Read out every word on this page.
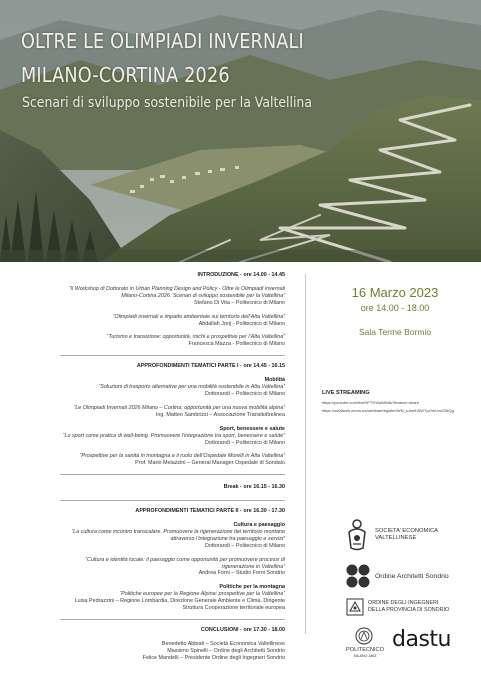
OLTRE LE OLIMPIADI INVERNALI
MILANO-CORTINA 2026
Scenari di sviluppo sostenibile per la Valtellina
INTRODUZIONE - ore 14.00 - 14.45
“Il Workshop di Dottorato in Urban Planning Design and Policy - Oltre le Olimpiadi invernali Milano-Cortina 2026. Scenari di sviluppo sostenibile per la Valtellina”
Stefano Di Vita – Politecnico di Milano
“Olimpiadi invernali e impatto ambientale sul territorio dell’Alta Valtellina”
Abdallah Jreij - Politecnico di Milano
“Turismo e transizione: opportunità, rischi e prospettive per l’Alta Valtellina”
Francesca Mazza - Politecnico di Milano
APPROFONDIMENTI TEMATICI PARTE I - ore 14.45 - 16.15
Mobilità
“Soluzioni di trasporto alternative per una mobilità sostenibile in Alta Valtellina”
Dottorandi – Politecnico di Milano
“Le Olimpiadi Invernali 2026 Milano – Cortina: opportunità per una nuova mobilità alpina”
Ing. Matteo Sambrizzi – Associazione Transitoltrelinea
Sport, benessere e salute
“Lo sport come pratica di well-being. Promuovere l’integrazione tra sport, benessere e salute”
Dottorandi – Politecnico di Milano
“Prospettive per la sanità in montagna e il ruolo dell’Ospedale Morelli in Alta Valtellina”
Prof. Mario Melazzini – General Manager Ospedale di Sondalo
Break - ore 16.15 - 16.30
APPROFONDIMENTI TEMATICI PARTE II - ore 16.30 - 17.30
Cultura e paesaggio
“La cultura come incontro transcalare. Promuovere la rigenerazione del territorio montano attraverso l’integrazione tra paesaggio e servizi”
Dottorandi – Politecnico di Milano
“Cultura e identità locale: il paesaggio come opportunità per promuovere processi di rigenerazione in Valtellina”
Andrea Forni – Studio Forni Sondrio
Politiche per la montagna
“Politiche europee per la Regione Alpina: prospettive per la Valtellina”
Luisa Pedrazzini – Regione Lombardia, Direzione Generale Ambiente e Clima, Dirigente
Struttura Cooperazione territoriale europea
CONCLUSIONI - ore 17.30 - 18.00
Benedetto Abbiati – Società Economica Valtellinese
Massimo Spinelli – Ordine degli Architetti Sondrio
Felice Mandelli – Presidente Ordine degli Ingegneri Sondrio
16 Marzo 2023
ore 14.00 - 18.00
Sala Terme Bormio
LIVE STREAMING
https://youtube.com/live/9FTSYAeM6dk?feature=share
https://us06web.zoom.us/webinar/register/WN_sJmbhSWTpOmUzcOMQg
SOCIETA’ ECONOMICA
VALTELLINESE
Ordine Architetti Sondrio
ORDINE DEGLI INGEGNERI
DELLA PROVINCIA DI SONDRIO
POLITECNICO
MILANO 1863
dastu
